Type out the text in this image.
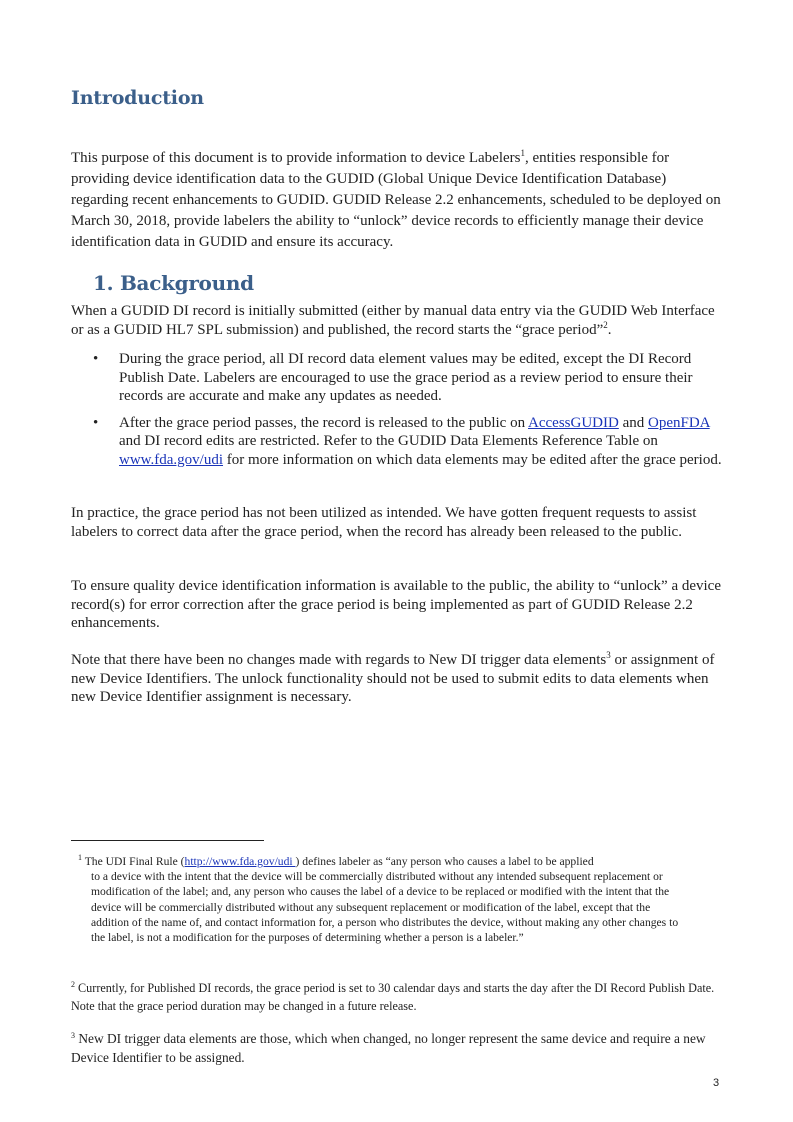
Introduction

This purpose of this document is to provide information to device Labelers$^1$, entities responsible for providing device identification data to the GUDID (Global Unique Device Identification Database) regarding recent enhancements to GUDID. GUDID Release 2.2 enhancements, scheduled to be deployed on March 30, 2018, provide labelers the ability to “unlock” device records to efficiently manage their device identification data in GUDID and ensure its accuracy.

1. Background

When a GUDID DI record is initially submitted (either by manual data entry via the GUDID Web Interface or as a GUDID HL7 SPL submission) and published, the record starts the “grace period”$^2$.

• During the grace period, all DI record data element values may be edited, except the DI Record Publish Date. Labelers are encouraged to use the grace period as a review period to ensure their records are accurate and make any updates as needed.
• After the grace period passes, the record is released to the public on AccessGUDID and OpenFDA and DI record edits are restricted. Refer to the GUDID Data Elements Reference Table on www.fda.gov/udi for more information on which data elements may be edited after the grace period.

In practice, the grace period has not been utilized as intended. We have gotten frequent requests to assist labelers to correct data after the grace period, when the record has already been released to the public.

To ensure quality device identification information is available to the public, the ability to “unlock” a device record(s) for error correction after the grace period is being implemented as part of GUDID Release 2.2 enhancements.

Note that there have been no changes made with regards to New DI trigger data elements$^3$ or assignment of new Device Identifiers. The unlock functionality should not be used to submit edits to data elements when new Device Identifier assignment is necessary.

$^1$ The UDI Final Rule (http://www.fda.gov/udi ) defines labeler as “any person who causes a label to be applied
to a device with the intent that the device will be commercially distributed without any intended subsequent replacement or modification of the label; and, any person who causes the label of a device to be replaced or modified with the intent that the device will be commercially distributed without any subsequent replacement or modification of the label, except that the addition of the name of, and contact information for, a person who distributes the device, without making any other changes to the label, is not a modification for the purposes of determining whether a person is a labeler.”

$^2$ Currently, for Published DI records, the grace period is set to 30 calendar days and starts the day after the DI Record Publish Date. Note that the grace period duration may be changed in a future release.

$^3$ New DI trigger data elements are those, which when changed, no longer represent the same device and require a new Device Identifier to be assigned.

3
